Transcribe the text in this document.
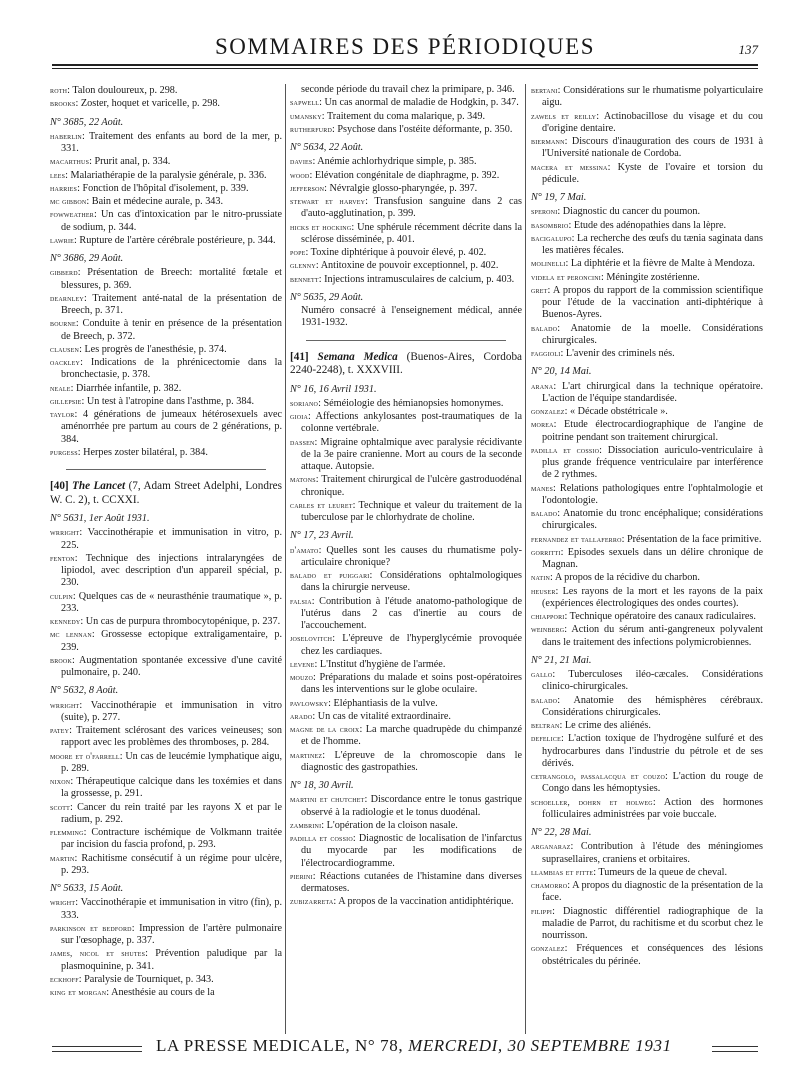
SOMMAIRES DES PÉRIODIQUES	137

roth: Talon douloureux, p. 298.

brooks: Zoster, hoquet et varicelle, p. 298.

N° 3685, 22 Août.

haberlin: Traitement des enfants au bord de la mer, p. 331.

macarthus: Prurit anal, p. 334.

lees: Malariathérapie de la paralysie générale, p. 336.

harries: Fonction de l'hôpital d'isolement, p. 339.

mc gibbon: Bain et médecine aurale, p. 343.

fowweather: Un cas d'intoxication par le nitro-prussiate de sodium, p. 344.

lawrie: Rupture de l'artère cérébrale postérieure, p. 344.

N° 3686, 29 Août.

gibberd: Présentation de Breech: mortalité fœtale et blessures, p. 369.

dearnley: Traitement anté-natal de la présentation de Breech, p. 371.

bourne: Conduite à tenir en présence de la présentation de Breech, p. 372.

clausen: Les progrès de l'anesthésie, p. 374.

oackley: Indications de la phrénicectomie dans la bronchectasie, p. 378.

neale: Diarrhée infantile, p. 382.

gillepsie: Un test à l'atropine dans l'asthme, p. 384.

taylor: 4 générations de jumeaux hétérosexuels avec aménorrhée pre partum au cours de 2 générations, p. 384.

purgess: Herpes zoster bilatéral, p. 384.

[40] The Lancet (7, Adam Street Adelphi, Londres W. C. 2), t. CCXXI.
N° 5631, 1er Août 1931.

wrright: Vaccinothérapie et immunisation in vitro, p. 225.

fenton: Technique des injections intralaryngées de lipiodol, avec description d'un appareil spécial, p. 230.

culpin: Quelques cas de « neurasthénie traumatique », p. 233.

kennedy: Un cas de purpura thrombocytopénique, p. 237.

mc lennan: Grossesse ectopique extraligamentaire, p. 239.

brook: Augmentation spontanée excessive d'une cavité pulmonaire, p. 240.

N° 5632, 8 Août.

wrright: Vaccinothérapie et immunisation in vitro (suite), p. 277.

patey: Traitement sclérosant des varices veineuses; son rapport avec les problèmes des thromboses, p. 284.

moore et o'farrell: Un cas de leucémie lymphatique aigu, p. 289.

nixon: Thérapeutique calcique dans les toxémies et dans la grossesse, p. 291.

scott: Cancer du rein traité par les rayons X et par le radium, p. 292.

flemming: Contracture ischémique de Volkmann traitée par incision du fascia profond, p. 293.

martin: Rachitisme consécutif à un régime pour ulcère, p. 293.

N° 5633, 15 Août.

wright: Vaccinothérapie et immunisation in vitro (fin), p. 333.

parkinson et bedford: Impression de l'artère pulmonaire sur l'œsophage, p. 337.

james, nicol et shutes: Prévention paludique par la plasmoquinine, p. 341.

eckhoff: Paralysie de Tourniquet, p. 343.

king et morgan: Anesthésie au cours de la

seconde période du travail chez la primipare, p. 346.

sapwell: Un cas anormal de maladie de Hodgkin, p. 347.

umansky: Traitement du coma malarique, p. 349.

rutherfurd: Psychose dans l'ostéite déformante, p. 350.

N° 5634, 22 Août.

davies: Anémie achlorhydrique simple, p. 385.

wood: Elévation congénitale de diaphragme, p. 392.

jefferson: Névralgie glosso-pharyngée, p. 397.

stewart et harvey: Transfusion sanguine dans 2 cas d'auto-agglutination, p. 399.

hicks et hocking: Une sphérule récemment décrite dans la sclérose disséminée, p. 401.

pope: Toxine diphtérique à pouvoir élevé, p. 402.

glenny: Antitoxine de pouvoir exceptionnel, p. 402.

bennett: Injections intramusculaires de calcium, p. 403.

N° 5635, 29 Août.

Numéro consacré à l'enseignement médical, année 1931-1932.

[41] Semana Medica (Buenos-Aires, Cordoba 2240-2248), t. XXXVIII.
N° 16, 16 Avril 1931.

soriano: Séméiologie des hémianopsies homonymes.

gioia: Affections ankylosantes post-traumatiques de la colonne vertébrale.

dassen: Migraine ophtalmique avec paralysie récidivante de la 3e paire cranienne. Mort au cours de la seconde attaque. Autopsie.

matons: Traitement chirurgical de l'ulcère gastroduodénal chronique.

carles et leuret: Technique et valeur du traitement de la tuberculose par le chlorhydrate de choline.

N° 17, 23 Avril.

d'amato: Quelles sont les causes du rhumatisme poly-articulaire chronique?

balado et puiggari: Considérations ophtalmologiques dans la chirurgie nerveuse.

falsia: Contribution à l'étude anatomo-pathologique de l'utérus dans 2 cas d'inertie au cours de l'accouchement.

joselovitch: L'épreuve de l'hyperglycémie provoquée chez les cardiaques.

levene: L'Institut d'hygiène de l'armée.

mouzo: Préparations du malade et soins post-opératoires dans les interventions sur le globe oculaire.

pavlowsky: Eléphantiasis de la vulve.

arado: Un cas de vitalité extraordinaire.

magne de la croix: La marche quadrupède du chimpanzé et de l'homme.

martinez: L'épreuve de la chromoscopie dans le diagnostic des gastropathies.

N° 18, 30 Avril.

martini et chutchet: Discordance entre le tonus gastrique observé à la radiologie et le tonus duodénal.

zambrini: L'opération de la cloison nasale.

padilla et cossio: Diagnostic de localisation de l'infarctus du myocarde par les modifications de l'électrocardiogramme.

pierini: Réactions cutanées de l'histamine dans diverses dermatoses.

zubizarreta: A propos de la vaccination antidiphtérique.

bertani: Considérations sur le rhumatisme polyarticulaire aigu.

zawels et reilly: Actinobacillose du visage et du cou d'origine dentaire.

biermann: Discours d'inauguration des cours de 1931 à l'Université nationale de Cordoba.

macera et messina: Kyste de l'ovaire et torsion du pédicule.

N° 19, 7 Mai.

speroni: Diagnostic du cancer du poumon.

basombrio: Etude des adénopathies dans la lèpre.

bacigalupo: La recherche des œufs du tænia saginata dans les matières fécales.

molinelli: La diphtérie et la fièvre de Malte à Mendoza.

videla et peroncini: Méningite zostérienne.

gret: A propos du rapport de la commission scientifique pour l'étude de la vaccination anti-diphtérique à Buenos-Ayres.

balado: Anatomie de la moelle. Considérations chirurgicales.

faggioli: L'avenir des criminels nés.

N° 20, 14 Mai.

arana: L'art chirurgical dans la technique opératoire. L'action de l'équipe standardisée.

gonzalez: « Décade obstétricale ».

morea: Etude électrocardiographique de l'angine de poitrine pendant son traitement chirurgical.

padilla et cossio: Dissociation auriculo-ventriculaire à plus grande fréquence ventriculaire par interférence de 2 rythmes.

manes: Relations pathologiques entre l'ophtalmologie et l'odontologie.

balado: Anatomie du tronc encéphalique; considérations chirurgicales.

fernandez et tallaferro: Présentation de la face primitive.

gorritti: Episodes sexuels dans un délire chronique de Magnan.

natin: A propos de la récidive du charbon.

heuser: Les rayons de la mort et les rayons de la paix (expériences électrologiques des ondes courtes).

chiappori: Technique opératoire des canaux radiculaires.

weinberg: Action du sérum anti-gangreneux polyvalent dans le traitement des infections polymicrobiennes.

N° 21, 21 Mai.

gallo: Tuberculoses iléo-cæcales. Considérations clinico-chirurgicales.

balado: Anatomie des hémisphères cérébraux. Considérations chirurgicales.

beltran: Le crime des aliénés.

defelice: L'action toxique de l'hydrogène sulfuré et des hydrocarbures dans l'industrie du pétrole et de ses dérivés.

cetrangolo, passalacqua et couzo: L'action du rouge de Congo dans les hémoptysies.

schoeller, dohrn et holweg: Action des hormones folliculaires administrées par voie buccale.

N° 22, 28 Mai.

arganaraz: Contribution à l'étude des méningiomes suprasellaires, craniens et orbitaires.

llambias et fitte: Tumeurs de la queue de cheval.

chamorro: A propos du diagnostic de la présentation de la face.

filippi: Diagnostic différentiel radiographique de la maladie de Parrot, du rachitisme et du scorbut chez le nourrisson.

gonzalez: Fréquences et conséquences des lésions obstétricales du périnée.

LA PRESSE MEDICALE, N° 78, MERCREDI, 30 SEPTEMBRE 1931
